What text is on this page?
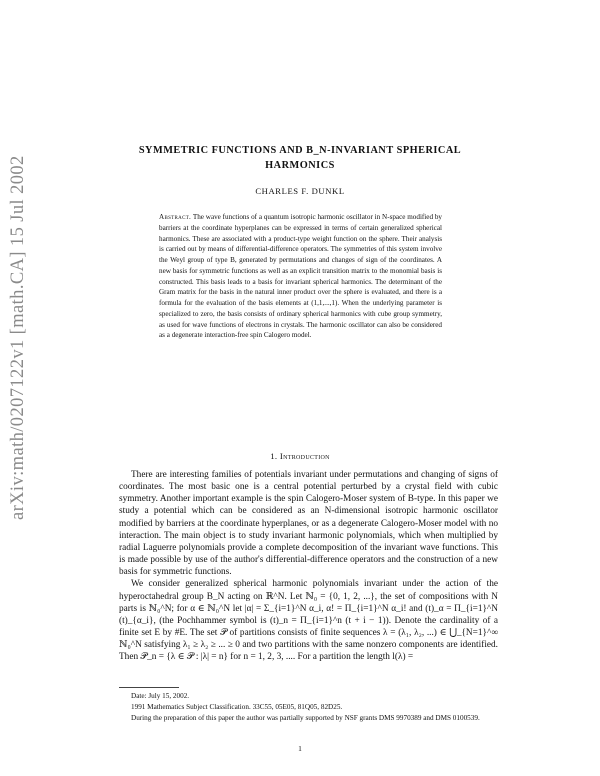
arXiv:math/0207122v1 [math.CA] 15 Jul 2002
SYMMETRIC FUNCTIONS AND B_N-INVARIANT SPHERICAL
HARMONICS
CHARLES F. DUNKL
Abstract. The wave functions of a quantum isotropic harmonic oscillator in N-space modified by barriers at the coordinate hyperplanes can be expressed in terms of certain generalized spherical harmonics. These are associated with a product-type weight function on the sphere. Their analysis is carried out by means of differential-difference operators. The symmetries of this system involve the Weyl group of type B, generated by permutations and changes of sign of the coordinates. A new basis for symmetric functions as well as an explicit transition matrix to the monomial basis is constructed. This basis leads to a basis for invariant spherical harmonics. The determinant of the Gram matrix for the basis in the natural inner product over the sphere is evaluated, and there is a formula for the evaluation of the basis elements at (1,1,...,1). When the underlying parameter is specialized to zero, the basis consists of ordinary spherical harmonics with cube group symmetry, as used for wave functions of electrons in crystals. The harmonic oscillator can also be considered as a degenerate interaction-free spin Calogero model.
1. Introduction

There are interesting families of potentials invariant under permutations and changing of signs of coordinates. The most basic one is a central potential perturbed by a crystal field with cubic symmetry. Another important example is the spin Calogero-Moser system of B-type. In this paper we study a potential which can be considered as an N-dimensional isotropic harmonic oscillator modified by barriers at the coordinate hyperplanes, or as a degenerate Calogero-Moser model with no interaction. The main object is to study invariant harmonic polynomials, which when multiplied by radial Laguerre polynomials provide a complete decomposition of the invariant wave functions. This is made possible by use of the author's differential-difference operators and the construction of a new basis for symmetric functions.

We consider generalized spherical harmonic polynomials invariant under the action of the hyperoctahedral group B_N acting on ℝ^N. Let ℕ₀ = {0, 1, 2, ...}, the set of compositions with N parts is ℕ₀^N; for α ∈ ℕ₀^N let |α| = Σ_{i=1}^N α_i, α! = Π_{i=1}^N α_i! and (t)_α = Π_{i=1}^N (t)_{α_i}, (the Pochhammer symbol is (t)_n = Π_{i=1}^n (t + i − 1)). Denote the cardinality of a finite set E by #E. The set 𝒫 of partitions consists of finite sequences λ = (λ₁, λ₂, ...) ∈ ⋃_{N=1}^∞ ℕ₀^N satisfying λ₁ ≥ λ₂ ≥ ... ≥ 0 and two partitions with the same nonzero components are identified. Then 𝒫_n = {λ ∈ 𝒫 : |λ| = n} for n = 1, 2, 3, .... For a partition the length l(λ) =

Date: July 15, 2002.
1991 Mathematics Subject Classification. 33C55, 05E05, 81Q05, 82D25.
During the preparation of this paper the author was partially supported by NSF grants DMS 9970389 and DMS 0100539.
1
